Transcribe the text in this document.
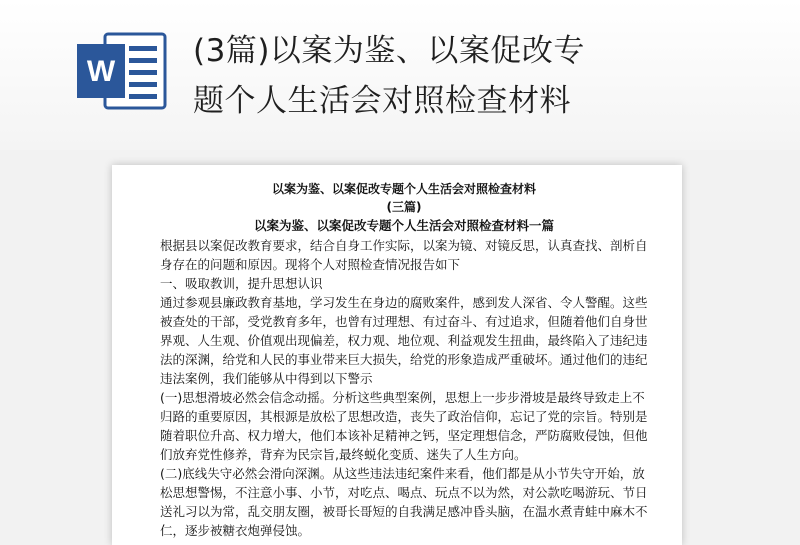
W
(3篇)以案为鉴、以案促改专
题个人生活会对照检查材料
以案为鉴、以案促改专题个人生活会对照检查材料
(三篇)
以案为鉴、以案促改专题个人生活会对照检查材料一篇

根据县以案促改教育要求，结合自身工作实际，以案为镜、对镜反思，认真查找、剖析自身存在的问题和原因。现将个人对照检查情况报告如下

一、吸取教训，提升思想认识

通过参观县廉政教育基地，学习发生在身边的腐败案件，感到发人深省、令人警醒。这些被查处的干部，受党教育多年，也曾有过理想、有过奋斗、有过追求，但随着他们自身世界观、人生观、价值观出现偏差，权力观、地位观、利益观发生扭曲，最终陷入了违纪违法的深渊，给党和人民的事业带来巨大损失，给党的形象造成严重破坏。通过他们的违纪违法案例，我们能够从中得到以下警示

(一)思想滑坡必然会信念动摇。分析这些典型案例，思想上一步步滑坡是最终导致走上不归路的重要原因，其根源是放松了思想改造，丧失了政治信仰，忘记了党的宗旨。特别是随着职位升高、权力增大，他们本该补足精神之钙，坚定理想信念，严防腐败侵蚀，但他们放弃党性修养，背弃为民宗旨,最终蜕化变质、迷失了人生方向。

(二)底线失守必然会滑向深渊。从这些违法违纪案件来看，他们都是从小节失守开始，放松思想警惕，不注意小事、小节，对吃点、喝点、玩点不以为然，对公款吃喝游玩、节日送礼习以为常，乱交朋友圈，被哥长哥短的自我满足感冲昏头脑，在温水煮青蛙中麻木不仁，逐步被糖衣炮弹侵蚀。
